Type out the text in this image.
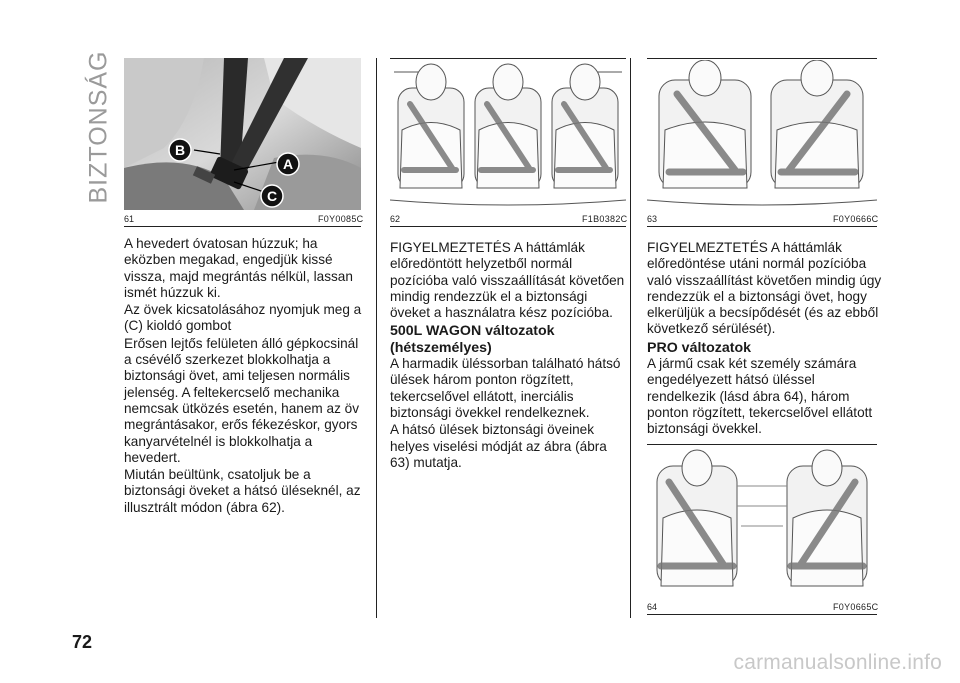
BIZTONSÁG	B
A
C
61	F0Y0085C	62	F1B0382C 63	F0Y0666C
64	F0Y0665C

A hevedert óvatosan húzzuk; ha eközben megakad, engedjük kissé vissza, majd megrántás nélkül, lassan ismét húzzuk ki.

Az övek kicsatolásához nyomjuk meg a (C) kioldó gombot

Erősen lejtős felületen álló gépkocsinál a csévélő szerkezet blokkolhatja a biztonsági övet, ami teljesen normális jelenség. A feltekercselő mechanika nemcsak ütközés esetén, hanem az öv megrántásakor, erős fékezéskor, gyors kanyarvételnél is blokkolhatja a hevedert.

Miután beültünk, csatoljuk be a biztonsági öveket a hátsó üléseknél, az illusztrált módon (ábra 62).

FIGYELMEZTETÉS A háttámlák előredöntött helyzetből normál pozícióba való visszaállítását követően mindig rendezzük el a biztonsági öveket a használatra kész pozícióba.

500L WAGON változatok (hétszemélyes)

A harmadik üléssorban található hátsó ülések három ponton rögzített, tekercselővel ellátott, inerciális biztonsági övekkel rendelkeznek.

A hátsó ülések biztonsági öveinek helyes viselési módját az ábra (ábra 63) mutatja.

FIGYELMEZTETÉS A háttámlák előredöntése utáni normál pozícióba való visszaállítást követően mindig úgy rendezzük el a biztonsági övet, hogy elkerüljük a becsípődését (és az ebből következő sérülését).

PRO változatok

A jármű csak két személy számára engedélyezett hátsó üléssel rendelkezik (lásd ábra 64), három ponton rögzített, tekercselővel ellátott biztonsági övekkel.

72
carmanualsonline.info
